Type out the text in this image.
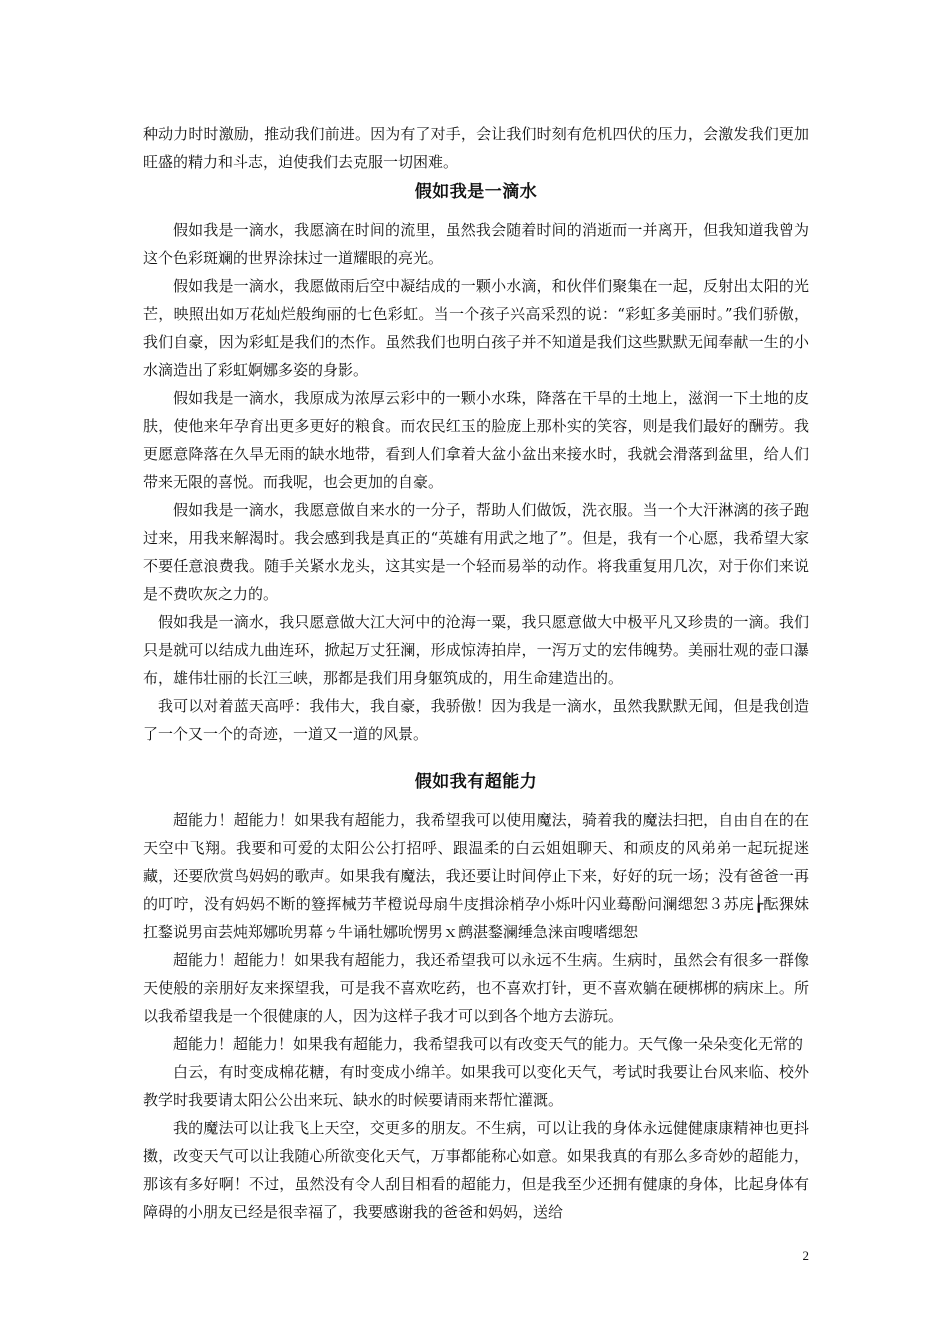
种动力时时激励，推动我们前进。因为有了对手，会让我们时刻有危机四伏的压力，会激发我们更加旺盛的精力和斗志，迫使我们去克服一切困难。

假如我是一滴水

假如我是一滴水，我愿滴在时间的流里，虽然我会随着时间的消逝而一并离开，但我知道我曾为这个色彩斑斓的世界涂抹过一道耀眼的亮光。

假如我是一滴水，我愿做雨后空中凝结成的一颗小水滴，和伙伴们聚集在一起，反射出太阳的光芒，映照出如万花灿烂般绚丽的七色彩虹。当一个孩子兴高采烈的说：“彩虹多美丽时。”我们骄傲，我们自豪，因为彩虹是我们的杰作。虽然我们也明白孩子并不知道是我们这些默默无闻奉献一生的小水滴造出了彩虹婀娜多姿的身影。

假如我是一滴水，我原成为浓厚云彩中的一颗小水珠，降落在干旱的土地上，滋润一下土地的皮肤，使他来年孕育出更多更好的粮食。而农民红玉的脸庞上那朴实的笑容，则是我们最好的酬劳。我更愿意降落在久旱无雨的缺水地带，看到人们拿着大盆小盆出来接水时，我就会滑落到盆里，给人们带来无限的喜悦。而我呢，也会更加的自豪。

假如我是一滴水，我愿意做自来水的一分子，帮助人们做饭，洗衣服。当一个大汗淋漓的孩子跑过来，用我来解渴时。我会感到我是真正的“英雄有用武之地了”。但是，我有一个心愿，我希望大家不要任意浪费我。随手关紧水龙头，这其实是一个轻而易举的动作。将我重复用几次，对于你们来说是不费吹灰之力的。

假如我是一滴水，我只愿意做大江大河中的沧海一粟，我只愿意做大中极平凡又珍贵的一滴。我们只是就可以结成九曲连环，掀起万丈狂澜，形成惊涛拍岸，一泻万丈的宏伟魄势。美丽壮观的壶口瀑布，雄伟壮丽的长江三峡，那都是我们用身躯筑成的，用生命建造出的。

我可以对着蓝天高呼：我伟大，我自豪，我骄傲！因为我是一滴水，虽然我默默无闻，但是我创造了一个又一个的奇迹，一道又一道的风景。

假如我有超能力

超能力！超能力！如果我有超能力，我希望我可以使用魔法，骑着我的魔法扫把，自由自在的在天空中飞翔。我要和可爱的太阳公公打招呼、跟温柔的白云姐姐聊天、和顽皮的风弟弟一起玩捉迷藏，还要欣赏鸟妈妈的歌声。如果我有魔法，我还要让时间停止下来，好好的玩一场；没有爸爸一再的叮咛，没有妈妈不断的簦挥械芀芊橙说母扇牛庋揖涂梢孕小烁叶闪业蓦酚问澜缌恕３苏庑┟酝猓妹扛鍪说男亩芸炖郑娜吮男幕ㄅ牛诵牡娜吮愣男ｘ鹧湛鍪澜缍急涞亩嗖嗜缌恕

超能力！超能力！如果我有超能力，我还希望我可以永远不生病。生病时，虽然会有很多一群像天使般的亲朋好友来探望我，可是我不喜欢吃药，也不喜欢打针，更不喜欢躺在硬梆梆的病床上。所以我希望我是一个很健康的人，因为这样子我才可以到各个地方去游玩。

超能力！超能力！如果我有超能力，我希望我可以有改变天气的能力。天气像一朵朵变化无常的

白云，有时变成棉花糖，有时变成小绵羊。如果我可以变化天气，考试时我要让台风来临、校外教学时我要请太阳公公出来玩、缺水的时候要请雨来帮忙灌溉。

我的魔法可以让我飞上天空，交更多的朋友。不生病，可以让我的身体永远健健康康精神也更抖擞，改变天气可以让我随心所欲变化天气，万事都能称心如意。如果我真的有那么多奇妙的超能力，那该有多好啊！不过，虽然没有令人刮目相看的超能力，但是我至少还拥有健康的身体，比起身体有障碍的小朋友已经是很幸福了，我要感谢我的爸爸和妈妈，送给

2
